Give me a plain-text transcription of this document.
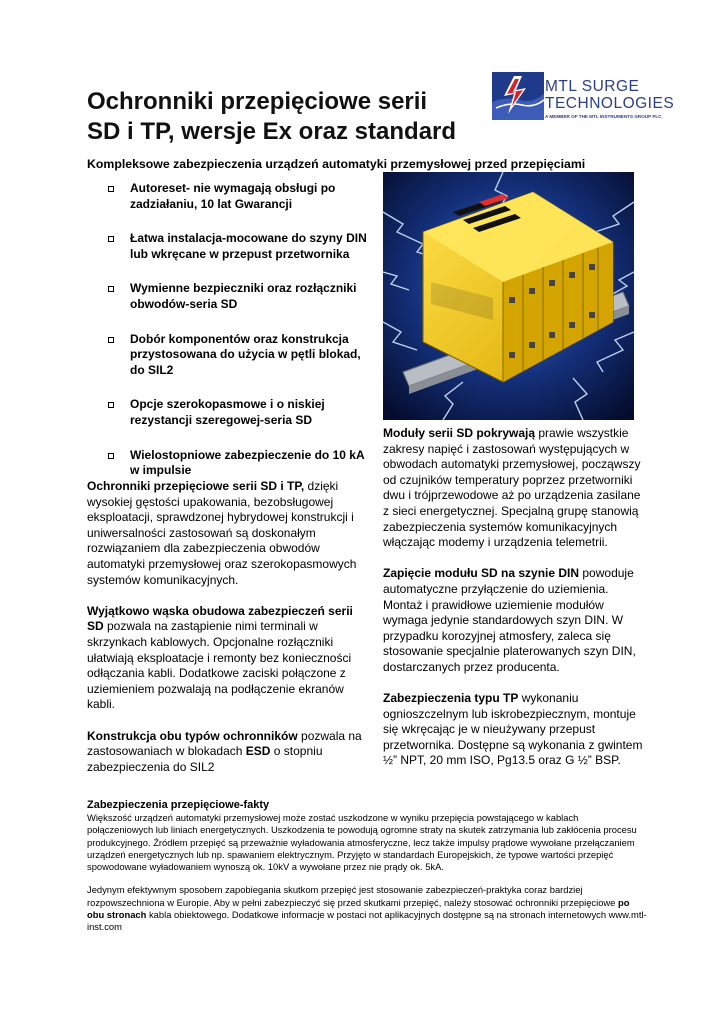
Ochronniki przepięciowe serii
SD i TP, wersje Ex oraz standard
MTL SURGE
TECHNOLOGIES
A MEMBER OF THE MTL INSTRUMENTS GROUP PLC
Kompleksowe zabezpieczenia urządzeń automatyki przemysłowej przed przepięciami
Autoreset- nie wymagają obsługi po zadziałaniu, 10 lat Gwarancji
Łatwa instalacja-mocowane do szyny DIN lub wkręcane w przepust przetwornika
Wymienne bezpieczniki oraz rozłączniki obwodów-seria SD
Dobór komponentów oraz konstrukcja przystosowana do użycia w pętli blokad, do SIL2
Opcje szerokopasmowe i o niskiej rezystancji szeregowej-seria SD
Wielostopniowe zabezpieczenie do 10 kA w impulsie

Ochronniki przepięciowe serii SD i TP, dzięki wysokiej gęstości upakowania, bezobsługowej eksploatacji, sprawdzonej hybrydowej konstrukcji i uniwersalności zastosowań są doskonałym rozwiązaniem dla zabezpieczenia obwodów automatyki przemysłowej oraz szerokopasmowych systemów komunikacyjnych.

Wyjątkowo wąska obudowa zabezpieczeń serii SD pozwala na zastąpienie nimi terminali w skrzynkach kablowych. Opcjonalne rozłączniki ułatwiają eksploatacje i remonty bez konieczności odłączania kabli. Dodatkowe zaciski połączone z uziemieniem pozwalają na podłączenie ekranów kabli.

Konstrukcja obu typów ochronników pozwala na zastosowaniach w blokadach ESD o stopniu zabezpieczenia do SIL2

Moduły serii SD pokrywają prawie wszystkie zakresy napięć i zastosowań występujących w obwodach automatyki przemysłowej, począwszy od czujników temperatury poprzez przetworniki dwu i trójprzewodowe aż po urządzenia zasilane z sieci energetycznej. Specjalną grupę stanowią zabezpieczenia systemów komunikacyjnych włączając modemy i urządzenia telemetrii.

Zapięcie modułu SD na szynie DIN powoduje automatyczne przyłączenie do uziemienia. Montaż i prawidłowe uziemienie modułów wymaga jedynie standardowych szyn DIN. W przypadku korozyjnej atmosfery, zaleca się stosowanie specjalnie platerowanych szyn DIN, dostarczanych przez producenta.

Zabezpieczenia typu TP wykonaniu ognioszczelnym lub iskrobezpiecznym, montuje się wkręcając je w nieużywany przepust przetwornika. Dostępne są wykonania z gwintem ½” NPT, 20 mm ISO, Pg13.5 oraz G ½” BSP.

Zabezpieczenia przepięciowe-fakty

Większość urządzeń automatyki przemysłowej może zostać uszkodzone w wyniku przepięcia powstającego w kablach połączeniowych lub liniach energetycznych. Uszkodzenia te powodują ogromne straty na skutek zatrzymania lub zakłócenia procesu produkcyjnego. Źródłem przepięć są przeważnie wyładowania atmosferyczne, lecz także impulsy prądowe wywołane przełączaniem urządzeń energetycznych lub np. spawaniem elektrycznym. Przyjęto w standardach Europejskich, że typowe wartości przepięć spowodowane wyładowaniem wynoszą ok. 10kV a wywołane przez nie prądy ok. 5kA.

Jedynym efektywnym sposobem zapobiegania skutkom przepięć jest stosowanie zabezpieczeń-praktyka coraz bardziej rozpowszechniona w Europie. Aby w pełni zabezpieczyć się przed skutkami przepięć, należy stosować ochronniki przepięciowe po obu stronach kabla obiektowego. Dodatkowe informacje w postaci not aplikacyjnych dostępne są na stronach internetowych www.mtl-inst.com
